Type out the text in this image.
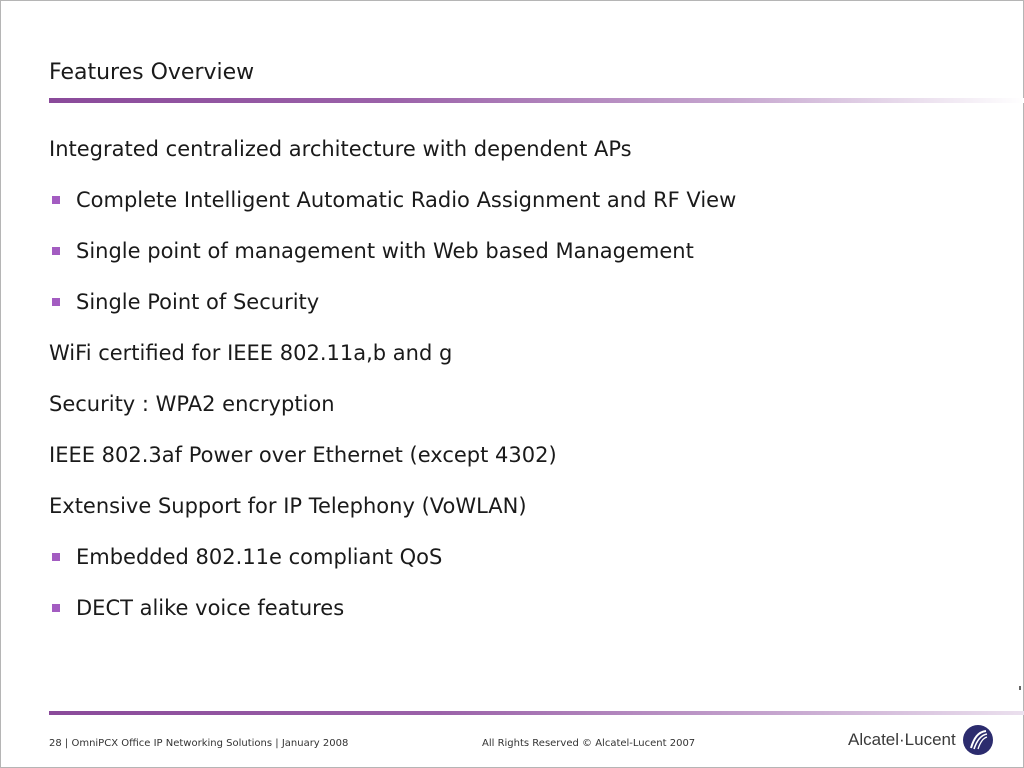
Features Overview
Integrated centralized architecture with dependent APs
Complete Intelligent Automatic Radio Assignment and RF View
Single point of management with Web based Management
Single Point of Security
WiFi certified for IEEE 802.11a,b and g
Security : WPA2 encryption
IEEE 802.3af Power over Ethernet (except 4302)
Extensive Support for IP Telephony (VoWLAN)
Embedded 802.11e compliant QoS
DECT alike voice features
28 | OmniPCX Office IP Networking Solutions | January 2008	All Rights Reserved © Alcatel-Lucent 2007	Alcatel·Lucent
